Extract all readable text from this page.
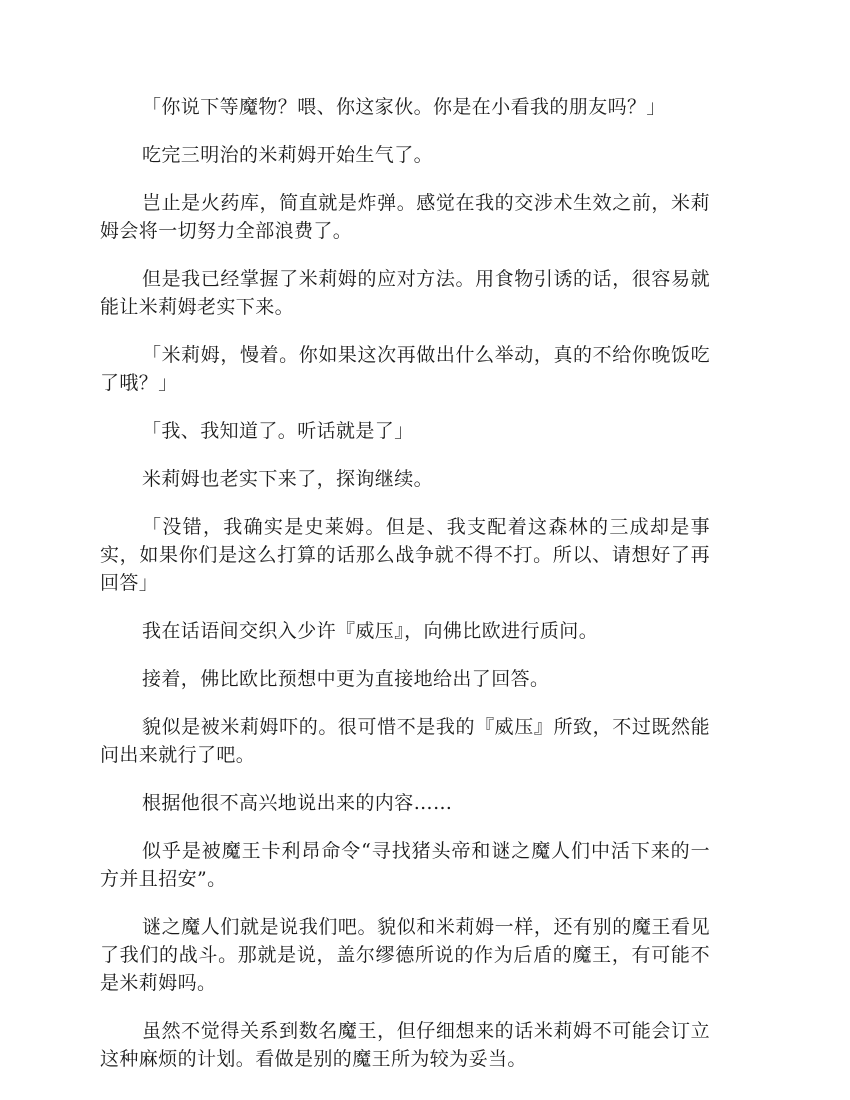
「你说下等魔物？喂、你这家伙。你是在小看我的朋友吗？」

吃完三明治的米莉姆开始生气了。

岂止是火药库，简直就是炸弹。感觉在我的交涉术生效之前，米莉姆会将一切努力全部浪费了。

但是我已经掌握了米莉姆的应对方法。用食物引诱的话，很容易就能让米莉姆老实下来。

「米莉姆，慢着。你如果这次再做出什么举动，真的不给你晚饭吃了哦？」

「我、我知道了。听话就是了」

米莉姆也老实下来了，探询继续。

「没错，我确实是史莱姆。但是、我支配着这森林的三成却是事实，如果你们是这么打算的话那么战争就不得不打。所以、请想好了再回答」

我在话语间交织入少许『威压』，向佛比欧进行质问。

接着，佛比欧比预想中更为直接地给出了回答。

貌似是被米莉姆吓的。很可惜不是我的『威压』所致，不过既然能问出来就行了吧。

根据他很不高兴地说出来的内容……

似乎是被魔王卡利昂命令“寻找猪头帝和谜之魔人们中活下来的一方并且招安”。

谜之魔人们就是说我们吧。貌似和米莉姆一样，还有别的魔王看见了我们的战斗。那就是说，盖尔缪德所说的作为后盾的魔王，有可能不是米莉姆吗。

虽然不觉得关系到数名魔王，但仔细想来的话米莉姆不可能会订立这种麻烦的计划。看做是别的魔王所为较为妥当。
